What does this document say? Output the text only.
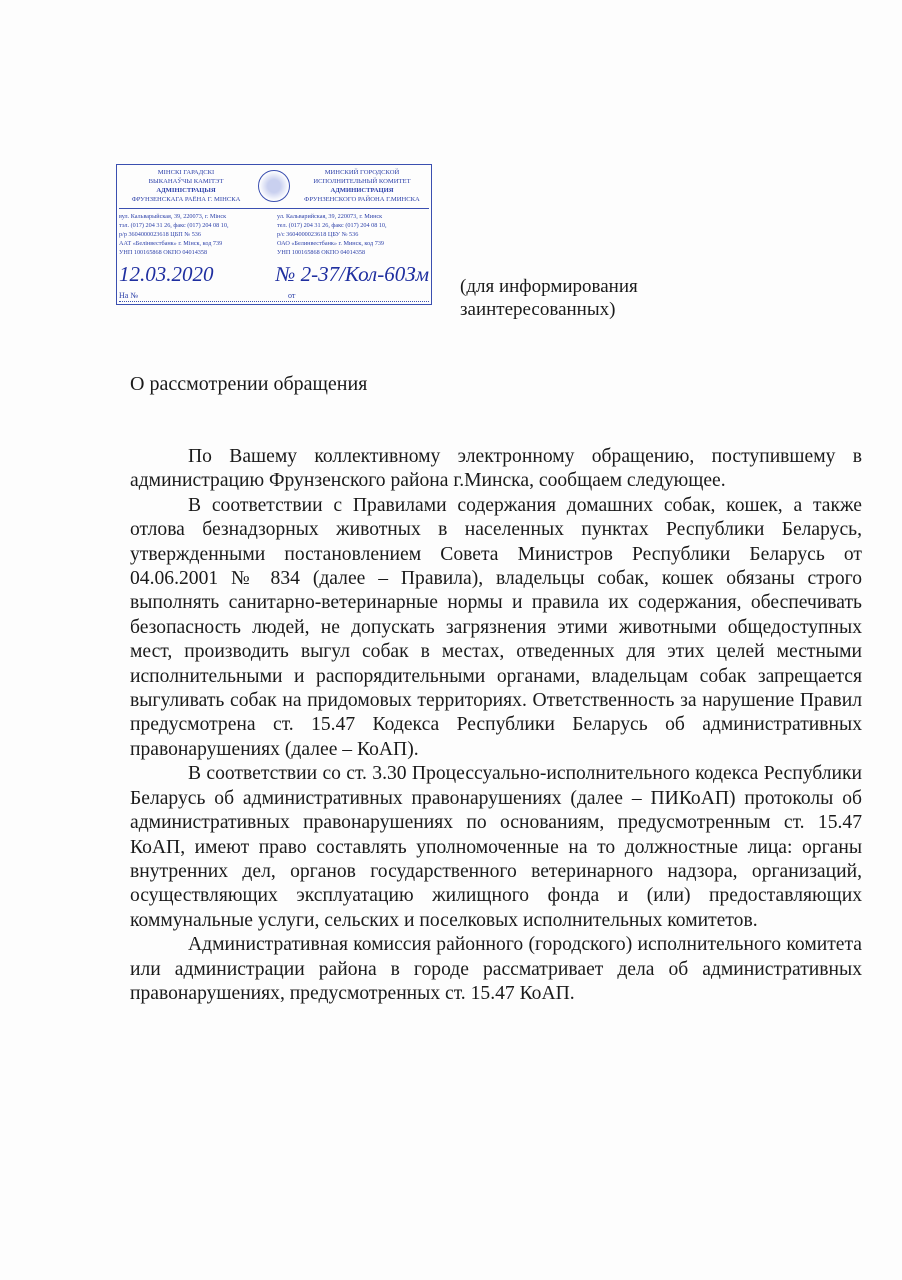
МІНСКІ ГАРАДСКІ
ВЫКАНАЎЧЫ КАМІТЭТ
АДМІНІСТРАЦЫЯ
ФРУНЗЕНСКАГА РАЁНА Г. МІНСКА
МИНСКИЙ ГОРОДСКОЙ
ИСПОЛНИТЕЛЬНЫЙ КОМИТЕТ
АДМИНИСТРАЦИЯ
ФРУНЗЕНСКОГО РАЙОНА Г.МИНСКА
вул. Кальварыйская, 39, 220073, г. Мінск
тэл. (017) 204 31 26, факс (017) 204 08 10,
р/р 3604000023618 ЦБП № 536
ААТ «Белінвестбанк» г. Мінск, код 739
УНП 100165868 ОКПО 04014358
ул. Кальварийская, 39, 220073, г. Минск
тел. (017) 204 31 26, факс (017) 204 08 10,
р/с 3604000023618 ЦБУ № 536
ОАО «Белинвестбанк» г. Минск, код 739
УНП 100165868 ОКПО 04014358
12.03.2020	№ 2-37/Кол-60Зм
На №	от	(для информирования
заинтересованных)
О рассмотрении обращения

По Вашему коллективному электронному обращению, поступившему в администрацию Фрунзенского района г.Минска, сообщаем следующее.

В соответствии с Правилами содержания домашних собак, кошек, а также отлова безнадзорных животных в населенных пунктах Республики Беларусь, утвержденными постановлением Совета Министров Республики Беларусь от 04.06.2001 № 834 (далее – Правила), владельцы собак, кошек обязаны строго выполнять санитарно-ветеринарные нормы и правила их содержания, обеспечивать безопасность людей, не допускать загрязнения этими животными общедоступных мест, производить выгул собак в местах, отведенных для этих целей местными исполнительными и распорядительными органами, владельцам собак запрещается выгуливать собак на придомовых территориях. Ответственность за нарушение Правил предусмотрена ст. 15.47 Кодекса Республики Беларусь об административных правонарушениях (далее – КоАП).

В соответствии со ст. 3.30 Процессуально-исполнительного кодекса Республики Беларусь об административных правонарушениях (далее – ПИКоАП) протоколы об административных правонарушениях по основаниям, предусмотренным ст. 15.47 КоАП, имеют право составлять уполномоченные на то должностные лица: органы внутренних дел, органов государственного ветеринарного надзора, организаций, осуществляющих эксплуатацию жилищного фонда и (или) предоставляющих коммунальные услуги, сельских и поселковых исполнительных комитетов.

Административная комиссия районного (городского) исполнительного комитета или администрации района в городе рассматривает дела об административных правонарушениях, предусмотренных ст. 15.47 КоАП.
